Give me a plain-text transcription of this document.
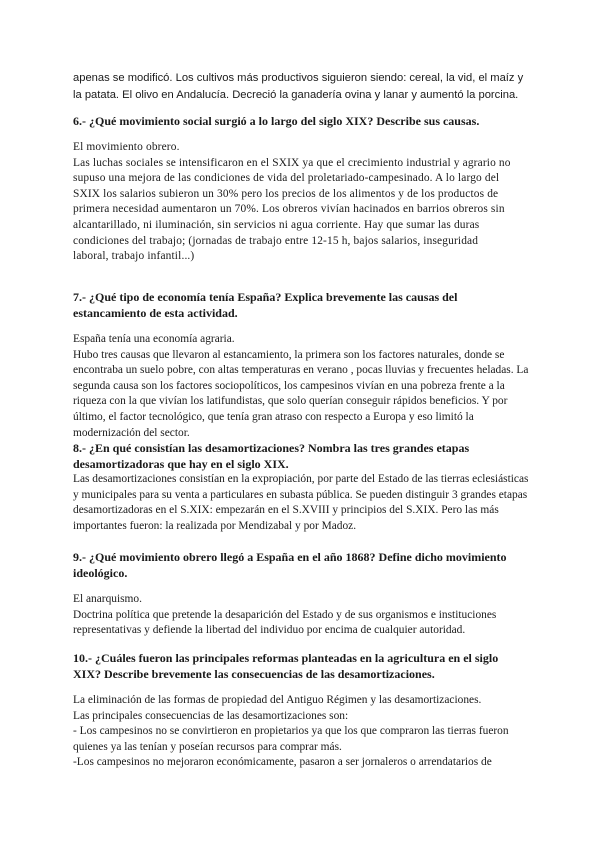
apenas se modificó. Los cultivos más productivos siguieron siendo: cereal, la vid, el maíz y la patata. El olivo en Andalucía. Decreció la ganadería ovina y lanar y aumentó la porcina.
6.- ¿Qué movimiento social surgió a lo largo del siglo XIX? Describe sus causas.
El movimiento obrero.
Las luchas sociales se intensificaron en el SXIX ya que el crecimiento industrial y agrario no supuso una mejora de las condiciones de vida del proletariado-campesinado. A lo largo del SXIX los salarios subieron un 30% pero los precios de los alimentos y de los productos de primera necesidad aumentaron un 70%. Los obreros vivían hacinados en barrios obreros sin alcantarillado, ni iluminación, sin servicios ni agua corriente. Hay que sumar las duras condiciones del trabajo; (jornadas de trabajo entre 12-15 h, bajos salarios, inseguridad laboral, trabajo infantil...)
7.- ¿Qué tipo de economía tenía España? Explica brevemente las causas del estancamiento de esta actividad.
España tenía una economía agraria.
Hubo tres causas que llevaron al estancamiento, la primera son los factores naturales, donde se encontraba un suelo pobre, con altas temperaturas en verano , pocas lluvias y frecuentes heladas. La segunda causa son los factores sociopolíticos, los campesinos vivían en una pobreza frente a la riqueza con la que vivían los latifundistas, que solo querían conseguir rápidos beneficios. Y por último, el factor tecnológico, que tenía gran atraso con respecto a Europa y eso limitó la modernización del sector.
8.- ¿En qué consistían las desamortizaciones? Nombra las tres grandes etapas desamortizadoras que hay en el siglo XIX.
Las desamortizaciones consistían en la expropiación, por parte del Estado de las tierras eclesiásticas y municipales para su venta a particulares en subasta pública. Se pueden distinguir 3 grandes etapas desamortizadoras en el S.XIX: empezarán en el S.XVIII y principios del S.XIX. Pero las más importantes fueron: la realizada por Mendizabal y por Madoz.
9.- ¿Qué movimiento obrero llegó a España en el año 1868? Define dicho movimiento ideológico.
El anarquismo.
Doctrina política que pretende la desaparición del Estado y de sus organismos e instituciones representativas y defiende la libertad del individuo por encima de cualquier autoridad.
10.- ¿Cuáles fueron las principales reformas planteadas en la agricultura en el siglo XIX? Describe brevemente las consecuencias de las desamortizaciones.
La eliminación de las formas de propiedad del Antiguo Régimen y las desamortizaciones.
Las principales consecuencias de las desamortizaciones son:
- Los campesinos no se convirtieron en propietarios ya que los que compraron las tierras fueron quienes ya las tenían y poseían recursos para comprar más.
-Los campesinos no mejoraron económicamente, pasaron a ser jornaleros o arrendatarios de
